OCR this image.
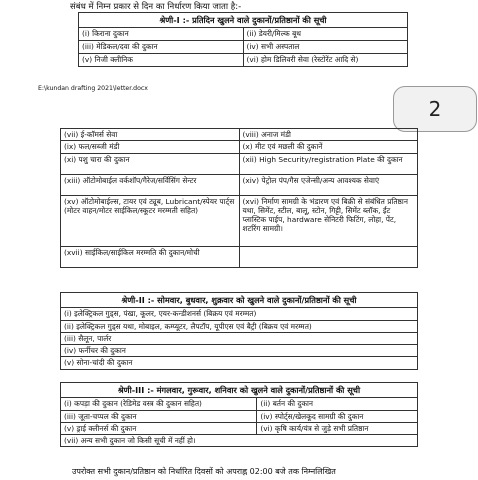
संबंध में निम्न प्रकार से दिन का निर्धारण किया जाता है:-
श्रेणी-I :- प्रतिदिन खुलने वाले दुकानों/प्रतिष्ठानों की सूची	
(i) किराना दुकान	(ii) डेयरी/मिल्क बूथ
(iii) मेडिकल/दवा की दुकान	(iv) सभी अस्पताल
(v) निजी क्लीनिक	(vi) होम डिलिवरी सेवा (रेस्टोरेंट आदि से)
E:\kundan drafting 2021\letter.docx
2
(vii) ई-कॉमर्स सेवा	(viii) अनाज मंडी
(ix) फल/सब्जी मंडी	(x) मीट एवं मछली की दुकानें
(xi) पशु चारा की दुकान	(xii) High Security/registration Plate की दुकान
(xiii) ऑटोमोबाईल वर्कशॉप/गैरेज/सर्विसिंग सेन्टर	(xiv) पेट्रोल पंप/गैस एजेन्सी/अन्य आवश्यक सेवाएं
(xv) ऑटोमोबाईल्स, टायर एवं ट्यूब, Lubricant/स्पेयर पार्ट्स (मोटर वाहन/मोटर साईकिल/स्कूटर मरम्मती सहित)	(xvi) निर्माण सामग्री के भंडारण एवं बिक्री से संबंधित प्रतिष्ठान यथा, सिमेंट, स्टील, बालू, स्टोन, गिट्टी, सिमेंट ब्लॉक, ईंट प्लास्टिक पाईप, hardware सेनिटरी फिटिंग, लोहा, पेंट, शटरिंग सामग्री।
(xvii) साईकिल/साईकिल मरम्मति की दुकान/मोची	
श्रेणी-II :- सोमवार, बुधवार, शुक्रवार को खुलने वाले दुकानों/प्रतिष्ठानों की सूची
(i) इलेक्ट्रिकल गुड्स, पंखा, कूलर, एयर-कन्डीशनर्स (बिक्रय एवं मरम्मत)
(ii) इलेक्ट्रिकल गुड्स यथा, मोबाइल, कम्प्यूटर, लैपटॉप, यूपीएस एवं बैट्री (बिक्रय एवं मरम्मत)
(iii) सैलून, पार्लर
(iv) फर्नीचर की दुकान
(v) सोना-चांदी की दुकान
श्रेणी-III :- मंगलवार, गुरूवार, शनिवार को खुलने वाले दुकानों/प्रतिष्ठानों की सूची	
(i) कपड़ा की दुकान (रेडिमेड वस्त्र की दुकान सहित)	(ii) बर्तन की दुकान
(iii) जूता-चप्पल की दुकान	(iv) स्पोर्ट्स/खेलकूद सामग्री की दुकान
(v) ड्राई क्लीनर्स की दुकान	(vi) कृषि कार्य/यंत्र से जुड़े सभी प्रतिष्ठान
(vii) अन्य सभी दुकान जो किसी सूची में नहीं हो।	
उपरोक्त सभी दुकान/प्रतिष्ठान को निर्धारित दिवसों को अपराह्न 02:00 बजे तक निम्नलिखित
